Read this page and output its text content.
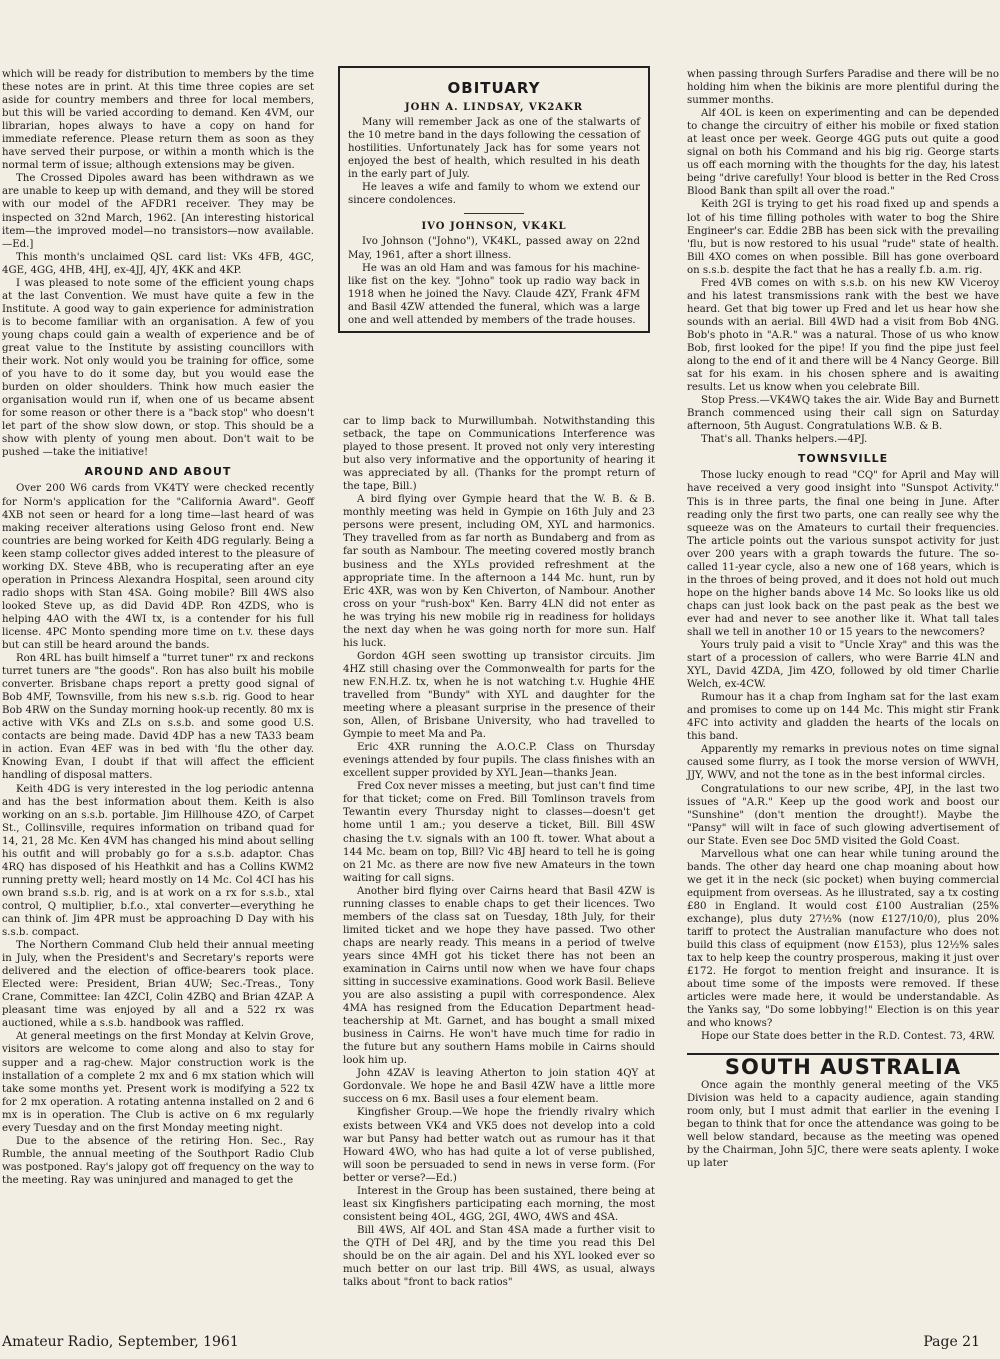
which will be ready for distribution to members by the time these notes are in print. At this time three copies are set aside for country members and three for local members, but this will be varied according to demand. Ken 4VM, our librarian, hopes always to have a copy on hand for immediate reference. Please return them as soon as they have served their purpose, or within a month which is the normal term of issue; although extensions may be given.

The Crossed Dipoles award has been withdrawn as we are unable to keep up with demand, and they will be stored with our model of the AFDR1 receiver. They may be inspected on 32nd March, 1962. [An interesting historical item—the improved model—no transistors—now available.—Ed.]

This month's unclaimed QSL card list: VKs 4FB, 4GC, 4GE, 4GG, 4HB, 4HJ, ex-4JJ, 4JY, 4KK and 4KP.

I was pleased to note some of the efficient young chaps at the last Convention. We must have quite a few in the Institute. A good way to gain experience for administration is to become familiar with an organisation. A few of you young chaps could gain a wealth of experience and be of great value to the Institute by assisting councillors with their work. Not only would you be training for office, some of you have to do it some day, but you would ease the burden on older shoulders. Think how much easier the organisation would run if, when one of us became absent for some reason or other there is a "back stop" who doesn't let part of the show slow down, or stop. This should be a show with plenty of young men about. Don't wait to be pushed —take the initiative!

AROUND AND ABOUT

Over 200 W6 cards from VK4TY were checked recently for Norm's application for the "California Award". Geoff 4XB not seen or heard for a long time—last heard of was making receiver alterations using Geloso front end. New countries are being worked for Keith 4DG regularly. Being a keen stamp collector gives added interest to the pleasure of working DX. Steve 4BB, who is recuperating after an eye operation in Princess Alexandra Hospital, seen around city radio shops with Stan 4SA. Going mobile? Bill 4WS also looked Steve up, as did David 4DP. Ron 4ZDS, who is helping 4AO with the 4WI tx, is a contender for his full license. 4PC Monto spending more time on t.v. these days but can still be heard around the bands.

Ron 4RL has built himself a "turret tuner" rx and reckons turret tuners are "the goods". Ron has also built his mobile converter. Brisbane chaps report a pretty good signal of Bob 4MF, Townsville, from his new s.s.b. rig. Good to hear Bob 4RW on the Sunday morning hook-up recently. 80 mx is active with VKs and ZLs on s.s.b. and some good U.S. contacts are being made. David 4DP has a new TA33 beam in action. Evan 4EF was in bed with 'flu the other day. Knowing Evan, I doubt if that will affect the efficient handling of disposal matters.

Keith 4DG is very interested in the log periodic antenna and has the best information about them. Keith is also working on an s.s.b. portable. Jim Hillhouse 4ZO, of Carpet St., Collinsville, requires information on triband quad for 14, 21, 28 Mc. Ken 4VM has changed his mind about selling his outfit and will probably go for a s.s.b. adaptor. Chas 4RQ has disposed of his Heathkit and has a Collins KWM2 running pretty well; heard mostly on 14 Mc. Col 4CI has his own brand s.s.b. rig, and is at work on a rx for s.s.b., xtal control, Q multiplier, b.f.o., xtal converter—everything he can think of. Jim 4PR must be approaching D Day with his s.s.b. compact.

The Northern Command Club held their annual meeting in July, when the President's and Secretary's reports were delivered and the election of office-bearers took place. Elected were: President, Brian 4UW; Sec.-Treas., Tony Crane, Committee: Ian 4ZCI, Colin 4ZBQ and Brian 4ZAP. A pleasant time was enjoyed by all and a 522 rx was auctioned, while a s.s.b. handbook was raffled.

At general meetings on the first Monday at Kelvin Grove, visitors are welcome to come along and also to stay for supper and a rag-chew. Major construction work is the installation of a complete 2 mx and 6 mx station which will take some months yet. Present work is modifying a 522 tx for 2 mx operation. A rotating antenna installed on 2 and 6 mx is in operation. The Club is active on 6 mx regularly every Tuesday and on the first Monday meeting night.

Due to the absence of the retiring Hon. Sec., Ray Rumble, the annual meeting of the Southport Radio Club was postponed. Ray's jalopy got off frequency on the way to the meeting. Ray was uninjured and managed to get the

OBITUARY
JOHN A. LINDSAY, VK2AKR

Many will remember Jack as one of the stalwarts of the 10 metre band in the days following the cessation of hostilities. Unfortunately Jack has for some years not enjoyed the best of health, which resulted in his death in the early part of July.

He leaves a wife and family to whom we extend our sincere condolences.

IVO JOHNSON, VK4KL

Ivo Johnson ("Johno"), VK4KL, passed away on 22nd May, 1961, after a short illness.

He was an old Ham and was famous for his machine-like fist on the key. "Johno" took up radio way back in 1918 when he joined the Navy. Claude 4ZY, Frank 4FM and Basil 4ZW attended the funeral, which was a large one and well attended by members of the trade houses.

car to limp back to Murwillumbah. Notwithstanding this setback, the tape on Communications Interference was played to those present. It proved not only very interesting but also very informative and the opportunity of hearing it was appreciated by all. (Thanks for the prompt return of the tape, Bill.)

A bird flying over Gympie heard that the W. B. & B. monthly meeting was held in Gympie on 16th July and 23 persons were present, including OM, XYL and harmonics. They travelled from as far north as Bundaberg and from as far south as Nambour. The meeting covered mostly branch business and the XYLs provided refreshment at the appropriate time. In the afternoon a 144 Mc. hunt, run by Eric 4XR, was won by Ken Chiverton, of Nambour. Another cross on your "rush-box" Ken. Barry 4LN did not enter as he was trying his new mobile rig in readiness for holidays the next day when he was going north for more sun. Half his luck.

Gordon 4GH seen swotting up transistor circuits. Jim 4HZ still chasing over the Commonwealth for parts for the new F.N.H.Z. tx, when he is not watching t.v. Hughie 4HE travelled from "Bundy" with XYL and daughter for the meeting where a pleasant surprise in the presence of their son, Allen, of Brisbane University, who had travelled to Gympie to meet Ma and Pa.

Eric 4XR running the A.O.C.P. Class on Thursday evenings attended by four pupils. The class finishes with an excellent supper provided by XYL Jean—thanks Jean.

Fred Cox never misses a meeting, but just can't find time for that ticket; come on Fred. Bill Tomlinson travels from Tewantin every Thursday night to classes—doesn't get home until 1 am.; you deserve a ticket, Bill. Bill 4SW chasing the t.v. signals with an 100 ft. tower. What about a 144 Mc. beam on top, Bill? Vic 4BJ heard to tell he is going on 21 Mc. as there are now five new Amateurs in the town waiting for call signs.

Another bird flying over Cairns heard that Basil 4ZW is running classes to enable chaps to get their licences. Two members of the class sat on Tuesday, 18th July, for their limited ticket and we hope they have passed. Two other chaps are nearly ready. This means in a period of twelve years since 4MH got his ticket there has not been an examination in Cairns until now when we have four chaps sitting in successive examinations. Good work Basil. Believe you are also assisting a pupil with correspondence. Alex 4MA has resigned from the Education Department head-teachership at Mt. Garnet, and has bought a small mixed business in Cairns. He won't have much time for radio in the future but any southern Hams mobile in Cairns should look him up.

John 4ZAV is leaving Atherton to join station 4QY at Gordonvale. We hope he and Basil 4ZW have a little more success on 6 mx. Basil uses a four element beam.

Kingfisher Group.—We hope the friendly rivalry which exists between VK4 and VK5 does not develop into a cold war but Pansy had better watch out as rumour has it that Howard 4WO, who has had quite a lot of verse published, will soon be persuaded to send in news in verse form. (For better or verse?—Ed.)

Interest in the Group has been sustained, there being at least six Kingfishers participating each morning, the most consistent being 4OL, 4GG, 2GI, 4WO, 4WS and 4SA.

Bill 4WS, Alf 4OL and Stan 4SA made a further visit to the QTH of Del 4RJ, and by the time you read this Del should be on the air again. Del and his XYL looked ever so much better on our last trip. Bill 4WS, as usual, always talks about "front to back ratios"

when passing through Surfers Paradise and there will be no holding him when the bikinis are more plentiful during the summer months.

Alf 4OL is keen on experimenting and can be depended to change the circuitry of either his mobile or fixed station at least once per week. George 4GG puts out quite a good signal on both his Command and his big rig. George starts us off each morning with the thoughts for the day, his latest being "drive carefully! Your blood is better in the Red Cross Blood Bank than spilt all over the road."

Keith 2GI is trying to get his road fixed up and spends a lot of his time filling potholes with water to bog the Shire Engineer's car. Eddie 2BB has been sick with the prevailing 'flu, but is now restored to his usual "rude" state of health. Bill 4XO comes on when possible. Bill has gone overboard on s.s.b. despite the fact that he has a really f.b. a.m. rig.

Fred 4VB comes on with s.s.b. on his new KW Viceroy and his latest transmissions rank with the best we have heard. Get that big tower up Fred and let us hear how she sounds with an aerial. Bill 4WD had a visit from Bob 4NG. Bob's photo in "A.R." was a natural. Those of us who know Bob, first looked for the pipe! If you find the pipe just feel along to the end of it and there will be 4 Nancy George. Bill sat for his exam. in his chosen sphere and is awaiting results. Let us know when you celebrate Bill.

Stop Press.—VK4WQ takes the air. Wide Bay and Burnett Branch commenced using their call sign on Saturday afternoon, 5th August. Congratulations W.B. & B.

That's all. Thanks helpers.—4PJ.

TOWNSVILLE

Those lucky enough to read "CQ" for April and May will have received a very good insight into "Sunspot Activity." This is in three parts, the final one being in June. After reading only the first two parts, one can really see why the squeeze was on the Amateurs to curtail their frequencies. The article points out the various sunspot activity for just over 200 years with a graph towards the future. The so-called 11-year cycle, also a new one of 168 years, which is in the throes of being proved, and it does not hold out much hope on the higher bands above 14 Mc. So looks like us old chaps can just look back on the past peak as the best we ever had and never to see another like it. What tall tales shall we tell in another 10 or 15 years to the newcomers?

Yours truly paid a visit to "Uncle Xray" and this was the start of a procession of callers, who were Barrie 4LN and XYL, David 4ZDA, Jim 4ZO, followed by old timer Charlie Welch, ex-4CW.

Rumour has it a chap from Ingham sat for the last exam and promises to come up on 144 Mc. This might stir Frank 4FC into activity and gladden the hearts of the locals on this band.

Apparently my remarks in previous notes on time signal caused some flurry, as I took the morse version of WWVH, JJY, WWV, and not the tone as in the best informal circles.

Congratulations to our new scribe, 4PJ, in the last two issues of "A.R." Keep up the good work and boost our "Sunshine" (don't mention the drought!). Maybe the "Pansy" will wilt in face of such glowing advertisement of our State. Even see Doc 5MD visited the Gold Coast.

Marvellous what one can hear while tuning around the bands. The other day heard one chap moaning about how we get it in the neck (sic pocket) when buying commercial equipment from overseas. As he illustrated, say a tx costing £80 in England. It would cost £100 Australian (25% exchange), plus duty 27½% (now £127/10/0), plus 20% tariff to protect the Australian manufacture who does not build this class of equipment (now £153), plus 12½% sales tax to help keep the country prosperous, making it just over £172. He forgot to mention freight and insurance. It is about time some of the imposts were removed. If these articles were made here, it would be understandable. As the Yanks say, "Do some lobbying!" Election is on this year and who knows?

Hope our State does better in the R.D. Contest. 73, 4RW.

SOUTH AUSTRALIA

Once again the monthly general meeting of the VK5 Division was held to a capacity audience, again standing room only, but I must admit that earlier in the evening I began to think that for once the attendance was going to be well below standard, because as the meeting was opened by the Chairman, John 5JC, there were seats aplenty. I woke up later

Amateur Radio, September, 1961	Page 21
